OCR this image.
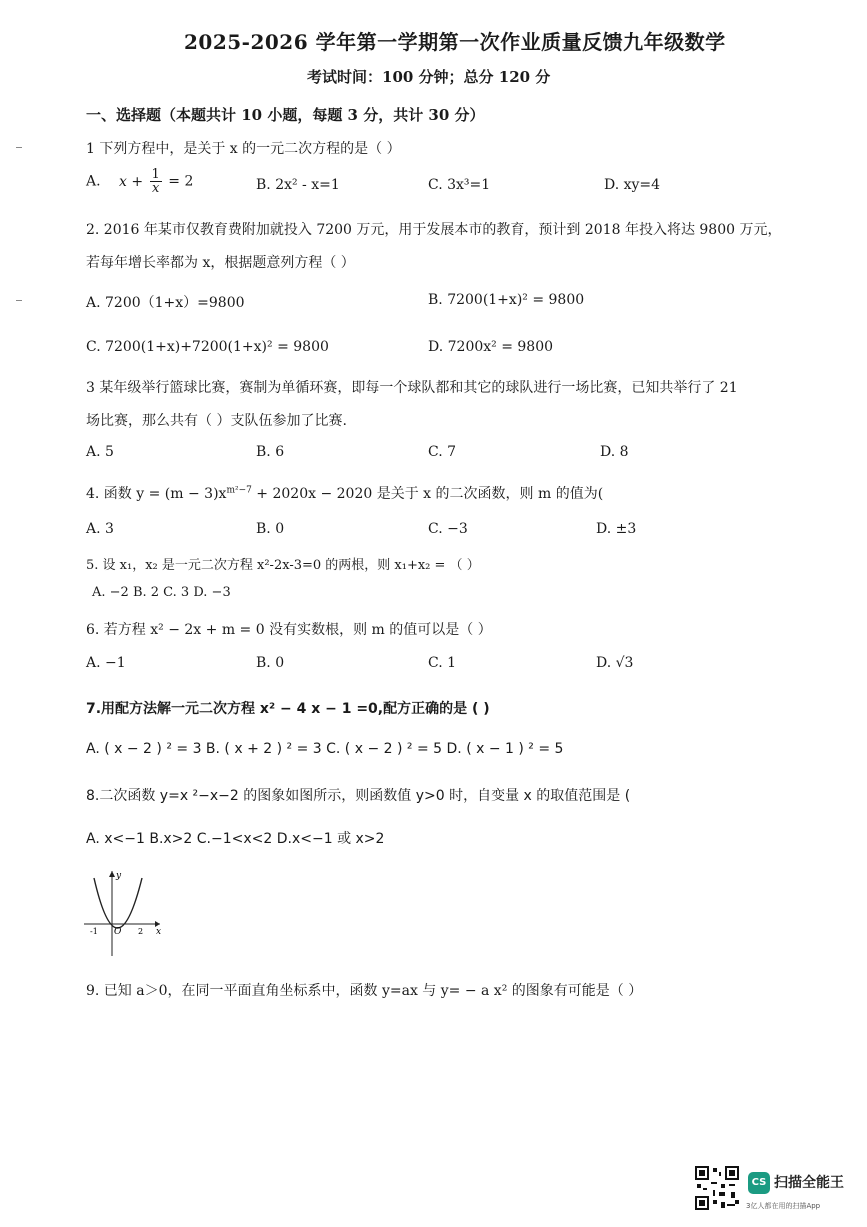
2025-2026 学年第一学期第一次作业质量反馈九年级数学
考试时间：100 分钟；总分 120 分
一、选择题（本题共计 10 小题，每题 3 分，共计 30 分）
1 下列方程中，是关于 x 的一元二次方程的是（ ）
A. $x + \frac{1}{x} = 2$	B. 2x² - x=1	C. 3x³=1	D. xy=4
2. 2016 年某市仅教育费附加就投入 7200 万元，用于发展本市的教育，预计到 2018 年投入将达 9800 万元，
若每年增长率都为 x，根据题意列方程（ ）
A. 7200（1+x）=9800	B. 7200(1+x)² = 9800
C. 7200(1+x)+7200(1+x)² = 9800	D. 7200x² = 9800
3 某年级举行篮球比赛，赛制为单循环赛，即每一个球队都和其它的球队进行一场比赛，已知共举行了 21
场比赛，那么共有（ ）支队伍参加了比赛.
A. 5	B. 6	C. 7	D. 8
4. 函数 $y = (m - 3)x^{m^2-7} + 2020x - 2020$ 是关于 x 的二次函数，则 m 的值为(
A. 3	B. 0	C. −3	D. ±3
5. 设 x₁，x₂ 是一元二次方程 x²-2x-3=0 的两根，则 x₁+x₂ = （ ）
A. −2 B. 2 C. 3 D. −3
6. 若方程 x² − 2x + m = 0 没有实数根，则 m 的值可以是（ ）
A. −1	B. 0	C. 1	D. √3
7.用配方法解一元二次方程 x² − 4 x − 1 =0,配方正确的是 ( )
A. ( x − 2 ) ² = 3 B. ( x + 2 ) ² = 3 C. ( x − 2 ) ² = 5 D. ( x − 1 ) ² = 5
8.二次函数 y=x ²−x−2 的图象如图所示，则函数值 y>0 时，自变量 x 的取值范围是 (
A. x<−1 B.x>2 C.−1<x<2 D.x<−1 或 x>2
y
x
O
-1	2
9. 已知 a＞0，在同一平面直角坐标系中，函数 y=ax 与 y= − a x² 的图象有可能是（ ）
CS 扫描全能王
3亿人都在用的扫描App
